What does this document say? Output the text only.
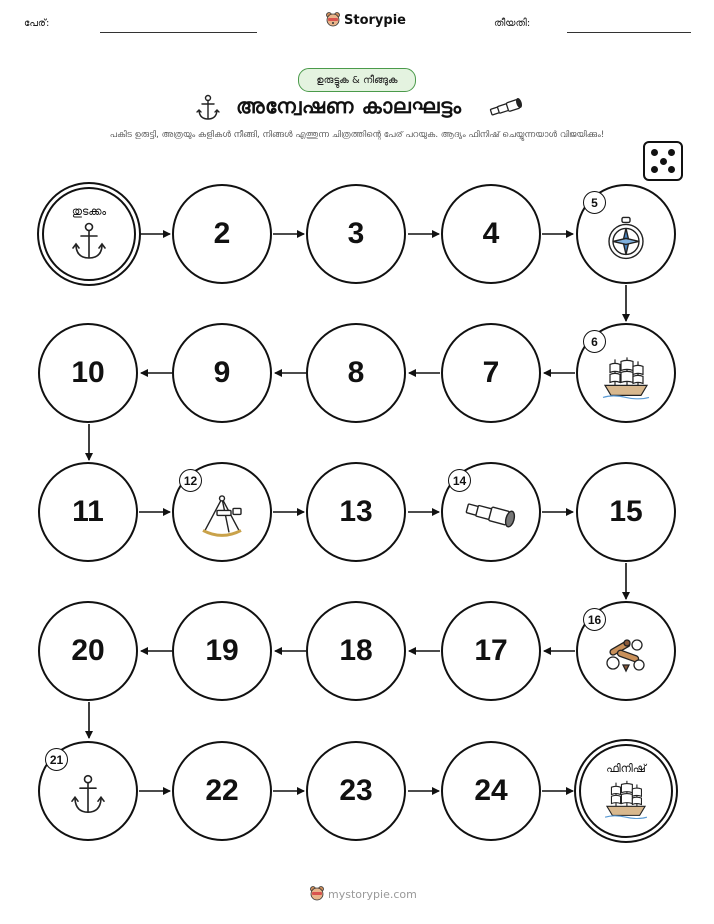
പേര്:	Storypie	തീയതി:
ഉരുട്ടുക & നീങ്ങുക
അന്വേഷണ കാലഘട്ടം
പകിട ഉരുട്ടി, അത്രയും കളികൾ നീങ്ങി, നിങ്ങൾ എത്തുന്ന ചിത്രത്തിന്റെ പേര് പറയുക. ആദ്യം ഫിനിഷ് ചെയ്യുന്നയാൾ വിജയിക്കും!
തുടക്കം
2	3	4
5
10	9	8	7
6
11
12
13
14
15
20	19	18	17
16
21
22	23	24
ഫിനിഷ്
mystorypie.com
